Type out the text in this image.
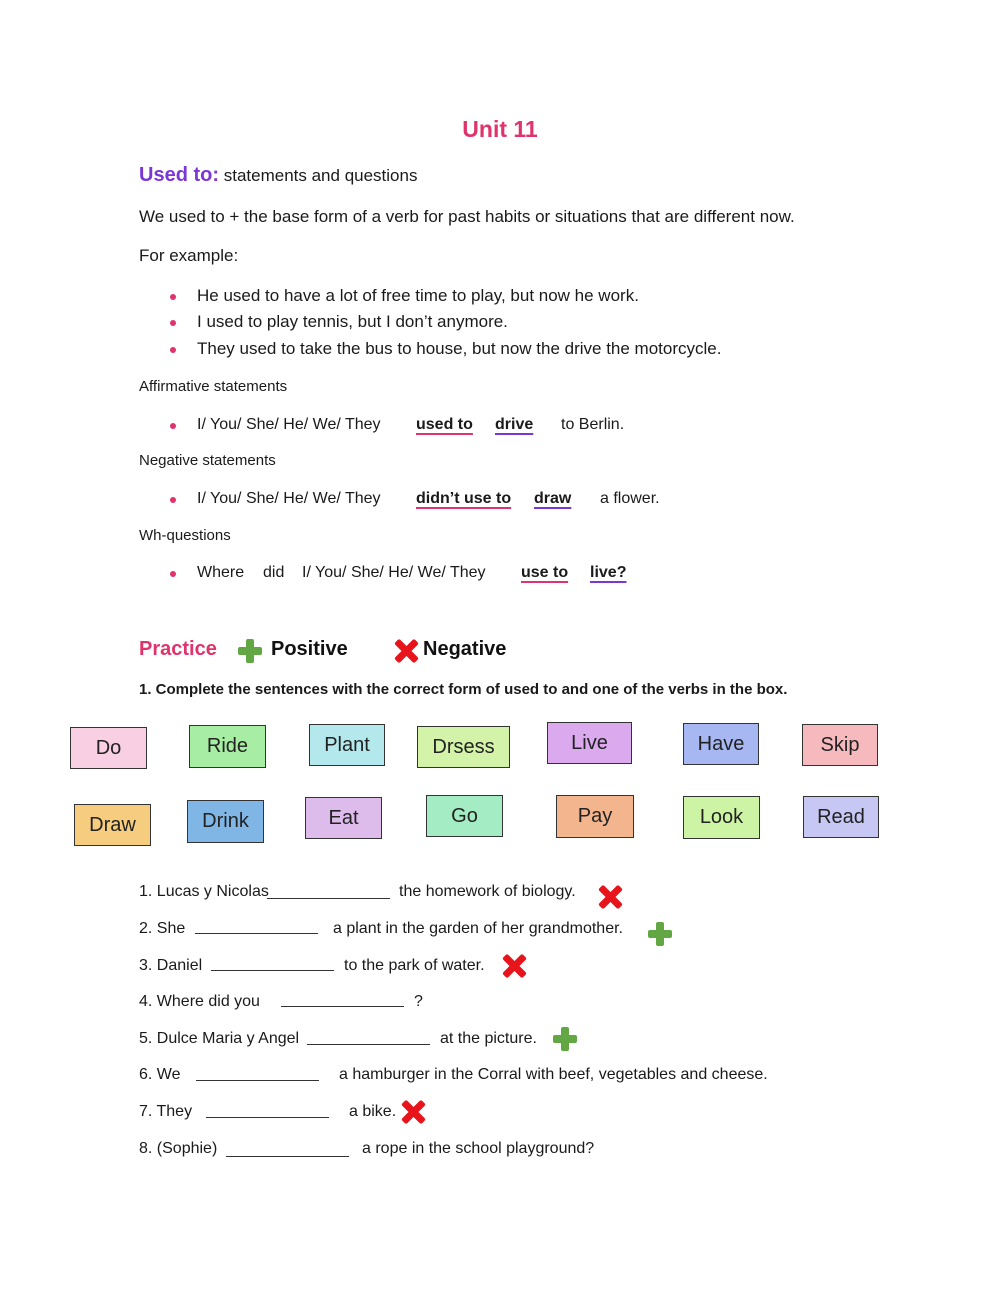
Unit 11
Used to: statements and questions
We used to + the base form of a verb for past habits or situations that are different now.
For example:
He used to have a lot of free time to play, but now he work.
I used to play tennis, but I don’t anymore.
They used to take the bus to house, but now the drive the motorcycle.
Affirmative statements
I/ You/ She/ He/ We/ They used to drive to Berlin.
Negative statements
I/ You/ She/ He/ We/ They didn’t use to draw a flower.
Wh-questions
Where did I/ You/ She/ He/ We/ They use to live?
Practice	Positive	Negative
1. Complete the sentences with the correct form of used to and one of the verbs in the box.
Do	Ride	Plant	Drsess	Live	Have	Skip
Draw	Drink	Eat	Go	Pay	Look	Read
1. Lucas y Nicolas	the homework of biology.
2. She	a plant in the garden of her grandmother.
3. Daniel	to the park of water.
4. Where did you	?
5. Dulce Maria y Angel	at the picture.
6. We	a hamburger in the Corral with beef, vegetables and cheese.
7. They	a bike.
8. (Sophie)	a rope in the school playground?
